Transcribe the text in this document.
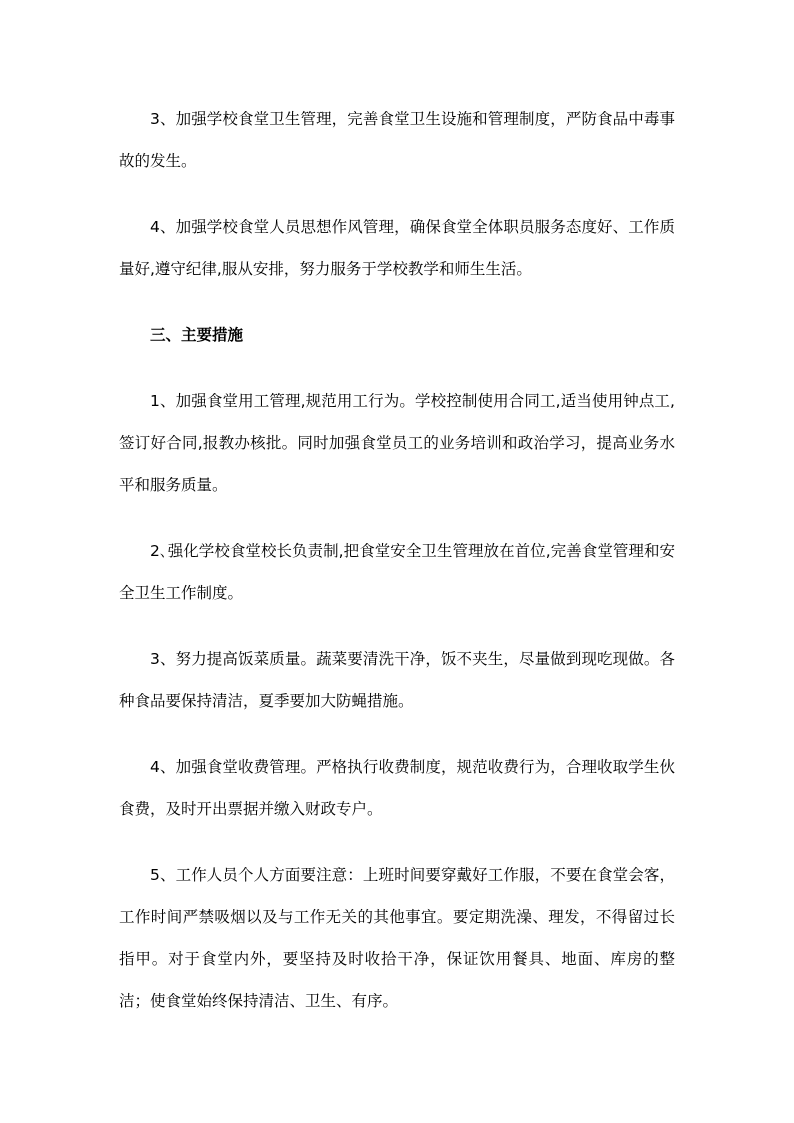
3、加强学校食堂卫生管理，完善食堂卫生设施和管理制度，严防食品中毒事故的发生。

4、加强学校食堂人员思想作风管理，确保食堂全体职员服务态度好、工作质量好,遵守纪律,服从安排，努力服务于学校教学和师生生活。

三、主要措施

1、加强食堂用工管理,规范用工行为。学校控制使用合同工,适当使用钟点工,签订好合同,报教办核批。同时加强食堂员工的业务培训和政治学习，提高业务水平和服务质量。

2､强化学校食堂校长负责制,把食堂安全卫生管理放在首位,完善食堂管理和安全卫生工作制度。

3、努力提高饭菜质量。蔬菜要清洗干净，饭不夹生，尽量做到现吃现做。各种食品要保持清洁，夏季要加大防蝇措施。

4、加强食堂收费管理。严格执行收费制度，规范收费行为，合理收取学生伙食费，及时开出票据并缴入财政专户。

5、工作人员个人方面要注意：上班时间要穿戴好工作服，不要在食堂会客，工作时间严禁吸烟以及与工作无关的其他事宜。要定期洗澡、理发，不得留过长指甲。对于食堂内外，要坚持及时收拾干净，保证饮用餐具、地面、库房的整洁；使食堂始终保持清洁、卫生、有序。
